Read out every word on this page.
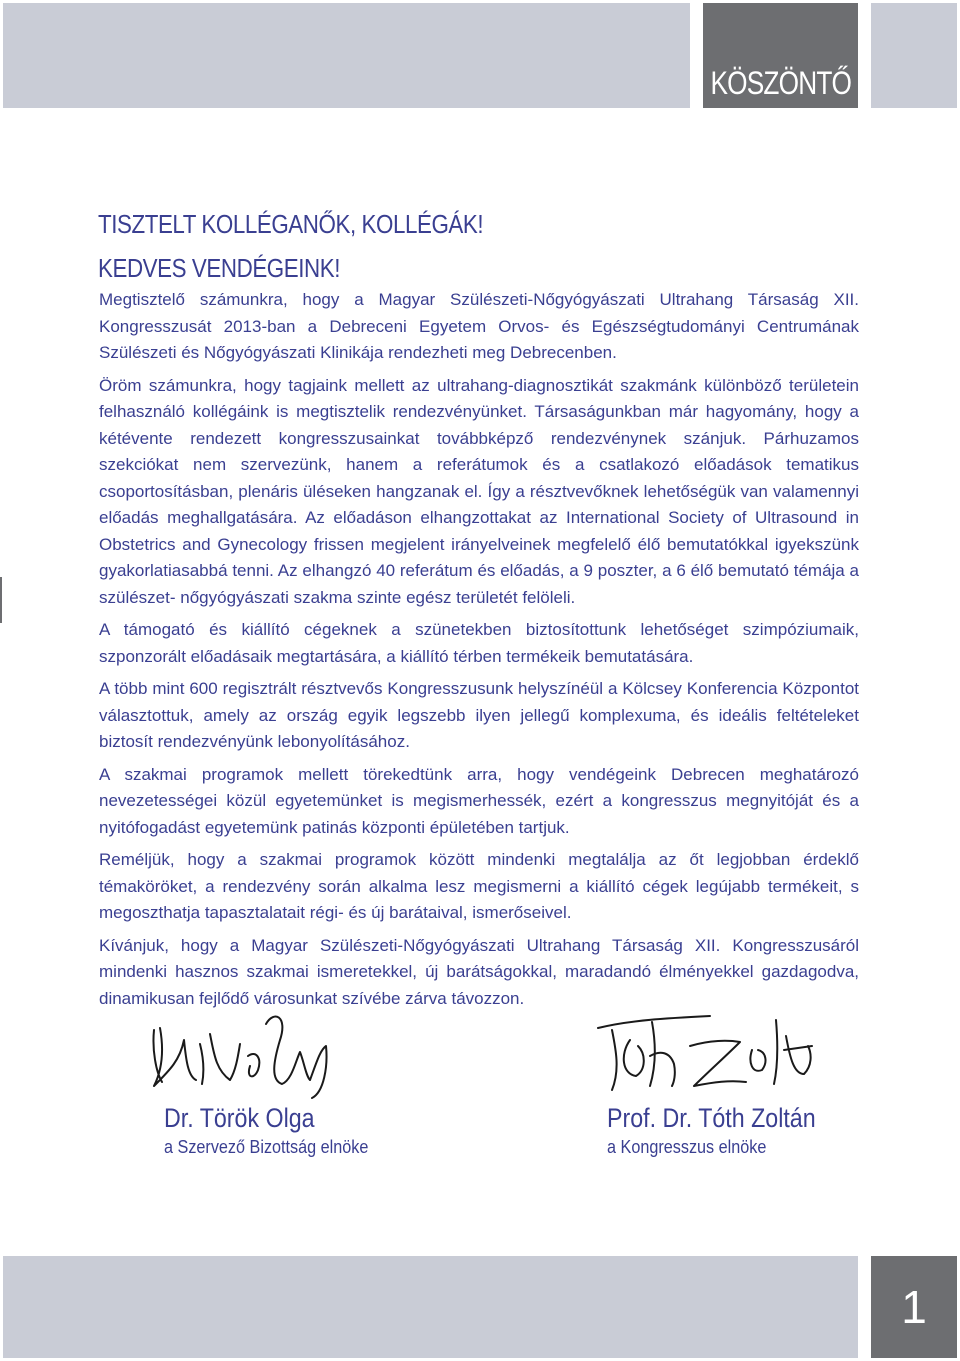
KÖSZÖNTŐ
TISZTELT KOLLÉGANŐK, KOLLÉGÁK!
KEDVES VENDÉGEINK!

Megtisztelő számunkra, hogy a Magyar Szülészeti-Nőgyógyászati Ultrahang Társaság XII. Kongresszusát 2013-ban a Debreceni Egyetem Orvos- és Egészségtudományi Centrumának Szülészeti és Nőgyógyászati Klinikája rendezheti meg Debrecenben.

Öröm számunkra, hogy tagjaink mellett az ultrahang-diagnosztikát szakmánk különböző területein felhasználó kollégáink is megtisztelik rendezvényünket. Társaságunkban már hagyomány, hogy a kétévente rendezett kongresszusainkat továbbképző rendezvénynek szánjuk. Párhuzamos szekciókat nem szervezünk, hanem a referátumok és a csatlakozó előadások tematikus csoportosításban, plenáris üléseken hangzanak el. Így a résztvevőknek lehetőségük van valamennyi előadás meghallgatására. Az előadáson elhangzottakat az International Society of Ultrasound in Obstetrics and Gynecology frissen megjelent irányelveinek megfelelő élő bemutatókkal igyekszünk gyakorlatiasabbá tenni. Az elhangzó 40 referátum és előadás, a 9 poszter, a 6 élő bemutató témája a szülészet- nőgyógyászati szakma szinte egész területét felöleli.

A támogató és kiállító cégeknek a szünetekben biztosítottunk lehetőséget szimpóziumaik, szponzorált előadásaik megtartására, a kiállító térben termékeik bemutatására.

A több mint 600 regisztrált résztvevős Kongresszusunk helyszínéül a Kölcsey Konferencia Központot választottuk, amely az ország egyik legszebb ilyen jellegű komplexuma, és ideális feltételeket biztosít rendezvényünk lebonyolításához.

A szakmai programok mellett törekedtünk arra, hogy vendégeink Debrecen meghatározó nevezetességei közül egyetemünket is megismerhessék, ezért a kongresszus megnyitóját és a nyitófogadást egyetemünk patinás központi épületében tartjuk.

Reméljük, hogy a szakmai programok között mindenki megtalálja az őt legjobban érdeklő témaköröket, a rendezvény során alkalma lesz megismerni a kiállító cégek legújabb termékeit, s megoszthatja tapasztalatait régi- és új barátaival, ismerőseivel.

Kívánjuk, hogy a Magyar Szülészeti-Nőgyógyászati Ultrahang Társaság XII. Kongresszusáról mindenki hasznos szakmai ismeretekkel, új barátságokkal, maradandó élményekkel gazdagodva, dinamikusan fejlődő városunkat szívébe zárva távozzon.

Dr. Török Olga
a Szervező Bizottság elnöke
Prof. Dr. Tóth Zoltán
a Kongresszus elnöke
1
